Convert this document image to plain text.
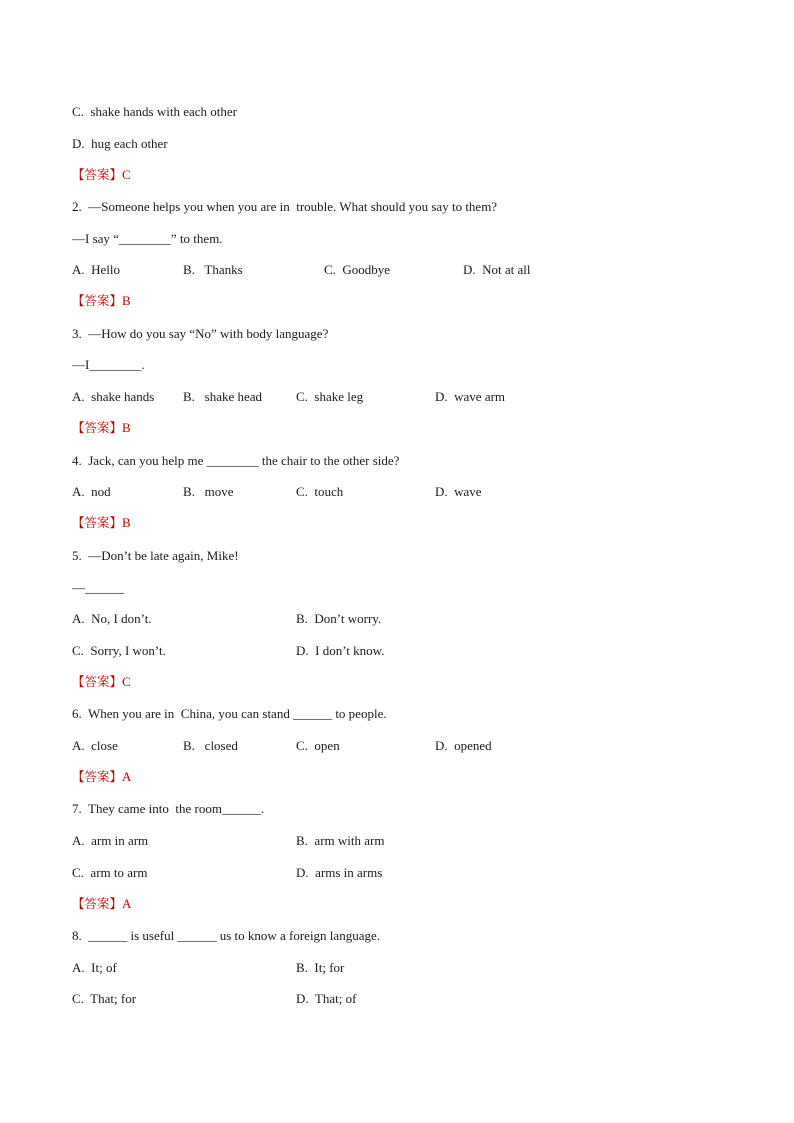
C.  shake hands with each other
D.  hug each other
【答案】C
2.  —Someone helps you when you are in  trouble. What should you say to them?
—I say “________” to them.
A.  Hello	B.   Thanks	C.  Goodbye	D.  Not at all
【答案】B
3.  —How do you say “No” with body language?
—I________.
A.  shake hands B.   shake head	C.  shake leg	D.  wave arm
【答案】B
4.  Jack, can you help me ________ the chair to the other side?
A.  nod	B.   move	C.  touch	D.  wave
【答案】B
5.  —Don’t be late again, Mike!
—______
A.  No, I don’t.	B.  Don’t worry.
C.  Sorry, I won’t.	D.  I don’t know.
【答案】C
6.  When you are in  China, you can stand ______ to people.
A.  close	B.   closed	C.  open	D.  opened
【答案】A
7.  They came into  the room______.
A.  arm in arm	B.  arm with arm
C.  arm to arm	D.  arms in arms
【答案】A
8.  ______ is useful ______ us to know a foreign language.
A.  It; of	B.  It; for
C.  That; for	D.  That; of
